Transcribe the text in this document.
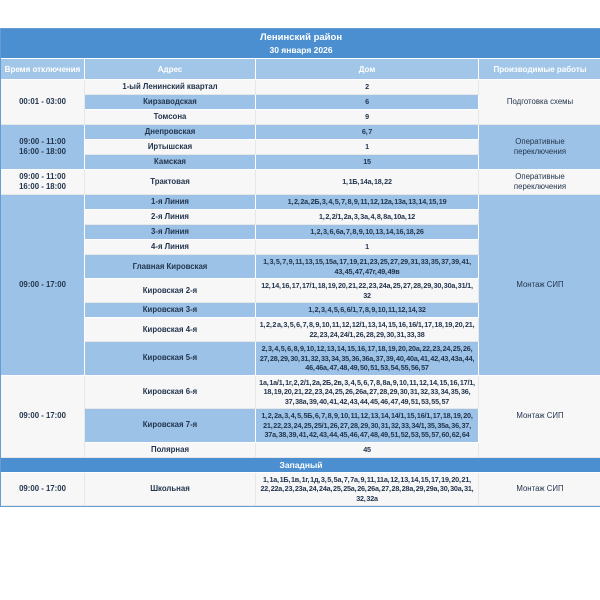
Ленинский район
30 января 2026			

Время отключения	Адрес	Дом	Производимые работы

00:01 - 03:00	1-ый Ленинский квартал	2	Подготовка схемы
	Кирзаводская	6	
	Томсона	9	

09:00 - 11:00
16:00 - 18:00	Днепровская	6, 7	Оперативные переключения
	Иртышская	1	
	Камская	15	

09:00 - 11:00
16:00 - 18:00	Трактовая	1, 1Б, 14а, 18, 22	Оперативные переключения

09:00 - 17:00	1-я Линия	1, 2, 2а, 2Б, 3, 4, 5, 7, 8, 9, 11, 12, 12а, 13а, 13, 14, 15, 19	Монтаж СИП
	2-я Линия	1, 2, 2/1, 2а, 3, 3а, 4, 8, 8а, 10а, 12	
	3-я Линия	1, 2, 3, 6, 6а, 7, 8, 9, 10, 13, 14, 16, 18, 26	
	4-я Линия	1	
	Главная Кировская	1, 3, 5, 7, 9, 11, 13, 15, 15а, 17, 19, 21, 23, 25, 27, 29, 31, 33, 35, 37, 39, 41, 43, 45, 47, 47г, 49, 49в	
	Кировская 2-я	12, 14, 16, 17, 17/1, 18, 19, 20, 21, 22, 23, 24а, 25, 27, 28, 29, 30, 30а, 31/1, 32	
	Кировская 3-я	1, 2, 3, 4, 5, 6, 6/1, 7, 8, 9, 10, 11, 12, 14, 32	
	Кировская 4-я	1, 2, 2 а, 3, 5, 6, 7, 8, 9, 10, 11, 12, 12/1, 13, 14, 15, 16, 16/1, 17, 18, 19, 20, 21, 22, 23, 24, 24/1, 26, 28, 29, 30, 31, 33, 38	
	Кировская 5-я	2, 3, 4, 5, 6, 8, 9, 10, 12, 13, 14, 15, 16, 17, 18, 19, 20, 20а, 22, 23, 24, 25, 26, 27, 28, 29, 30, 31, 32, 33, 34, 35, 36, 36а, 37, 39, 40, 40а, 41, 42, 43, 43а, 44, 46, 46а, 47, 48, 49, 50, 51, 53, 54, 55, 56, 57	

09:00 - 17:00	Кировская 6-я	1а, 1а/1, 1г, 2, 2/1, 2а, 2Б, 2в, 3, 4, 5, 6, 7, 8, 8а, 9, 10, 11, 12, 14, 15, 16, 17/1, 18, 19, 20, 21, 22, 23, 24, 25, 26, 26а, 27, 28, 29, 30, 31, 32, 33, 34, 35, 36, 37, 38а, 39, 40, 41, 42, 43, 44, 45, 46, 47, 49, 51, 53, 55, 57	Монтаж СИП
	Кировская 7-я	1, 2, 2а, 3, 4, 5, 5Б, 6, 7, 8, 9, 10, 11, 12, 13, 14, 14/1, 15, 16/1, 17, 18, 19, 20, 21, 22, 23, 24, 25, 25/1, 26, 27, 28, 29, 30, 31, 32, 33, 34/1, 35, 35а, 36, 37, 37а, 38, 39, 41, 42, 43, 44, 45, 46, 47, 48, 49, 51, 52, 53, 55, 57, 60, 62, 64	
	Полярная	45	
Западный			

09:00 - 17:00	Школьная	1, 1а, 1Б, 1в, 1г, 1д, 3, 5, 5а, 7, 7а, 9, 11, 11а, 12, 13, 14, 15, 17, 19, 20, 21, 22, 22а, 23, 23а, 24, 24а, 25, 25а, 26, 26а, 27, 28, 28а, 29, 29а, 30, 30а, 31, 32, 32а	Монтаж СИП
